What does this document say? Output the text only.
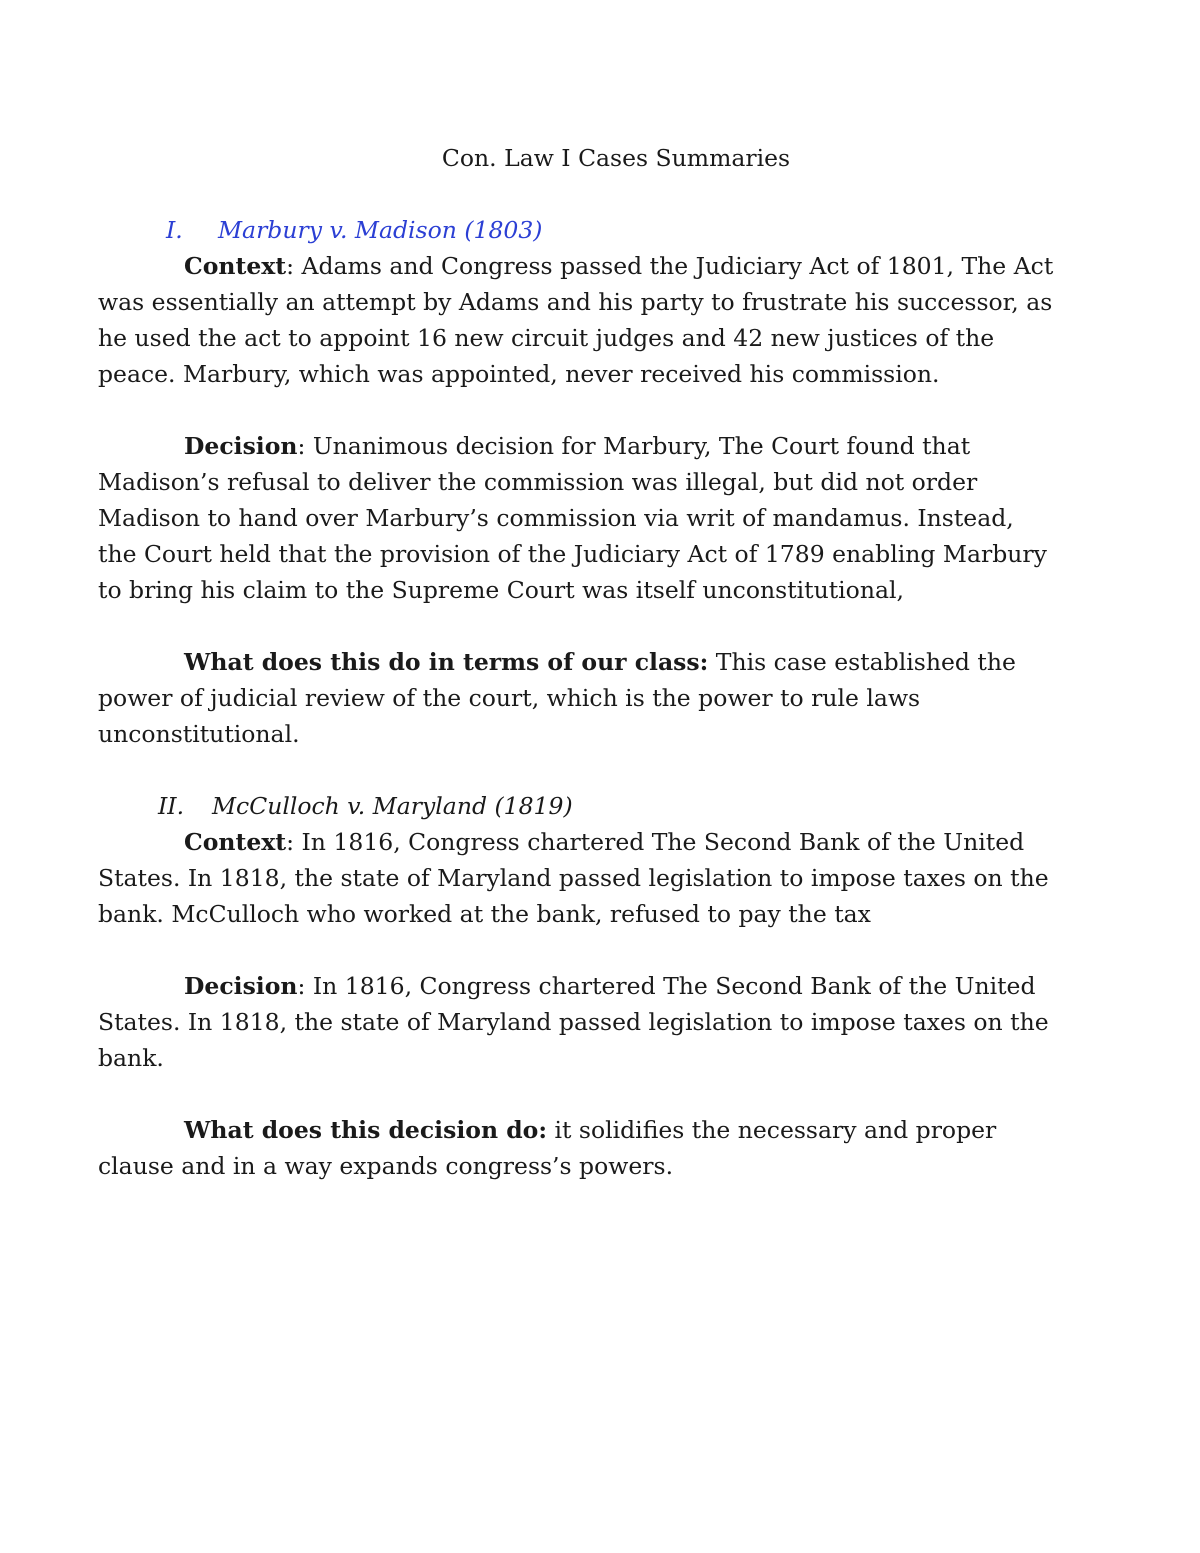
Con. Law I Cases Summaries
I. Marbury v. Madison (1803)

Context: Adams and Congress passed the Judiciary Act of 1801, The Act was essentially an attempt by Adams and his party to frustrate his successor, as he used the act to appoint 16 new circuit judges and 42 new justices of the peace. Marbury, which was appointed, never received his commission.

Decision: Unanimous decision for Marbury, The Court found that Madison’s refusal to deliver the commission was illegal, but did not order Madison to hand over Marbury’s commission via writ of mandamus. Instead, the Court held that the provision of the Judiciary Act of 1789 enabling Marbury to bring his claim to the Supreme Court was itself unconstitutional,

What does this do in terms of our class: This case established the power of judicial review of the court, which is the power to rule laws unconstitutional.

II. McCulloch v. Maryland (1819)

Context: In 1816, Congress chartered The Second Bank of the United States. In 1818, the state of Maryland passed legislation to impose taxes on the bank. McCulloch who worked at the bank, refused to pay the tax

Decision: In 1816, Congress chartered The Second Bank of the United States. In 1818, the state of Maryland passed legislation to impose taxes on the bank.

What does this decision do: it solidifies the necessary and proper clause and in a way expands congress’s powers.
